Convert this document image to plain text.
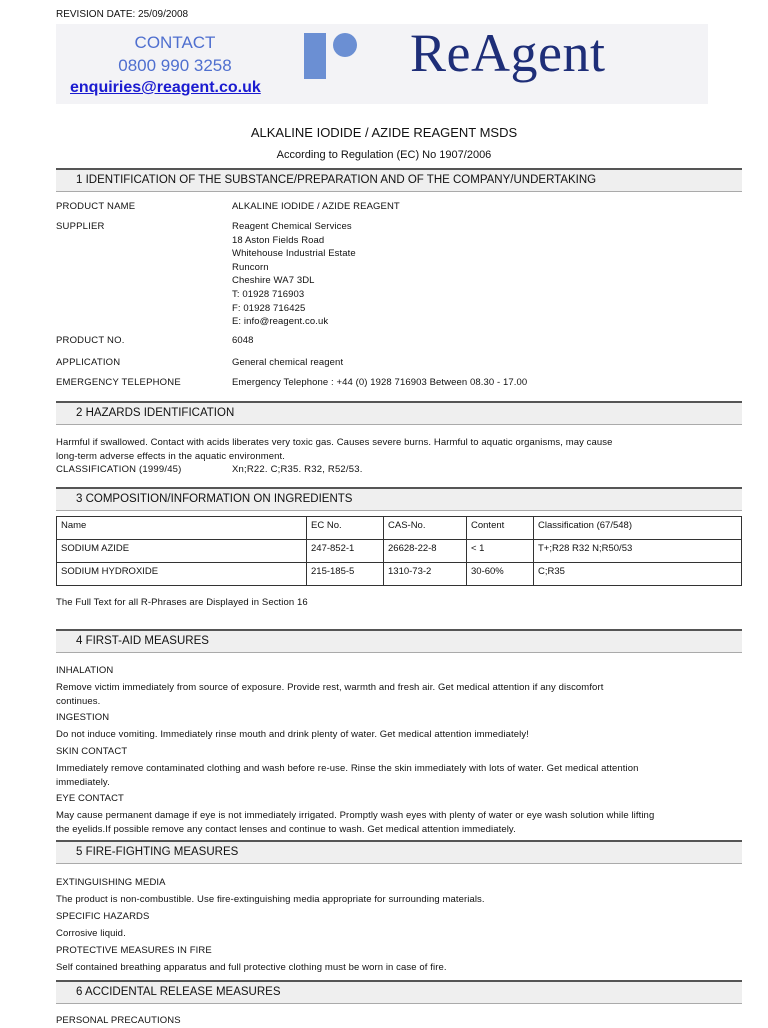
REVISION DATE: 25/09/2008
CONTACT
0800 990 3258
enquiries@reagent.co.uk
ReAgent
ALKALINE IODIDE / AZIDE REAGENT MSDS
According to Regulation (EC) No 1907/2006
1 IDENTIFICATION OF THE SUBSTANCE/PREPARATION AND OF THE COMPANY/UNDERTAKING
PRODUCT NAME	ALKALINE IODIDE / AZIDE REAGENT
SUPPLIER	Reagent Chemical Services
18 Aston Fields Road
Whitehouse Industrial Estate
Runcorn
Cheshire WA7 3DL
T: 01928 716903
F: 01928 716425
E: info@reagent.co.uk
PRODUCT NO.	6048
APPLICATION	General chemical reagent
EMERGENCY TELEPHONE	Emergency Telephone : +44 (0) 1928 716903 Between 08.30 - 17.00
2 HAZARDS IDENTIFICATION
Harmful if swallowed. Contact with acids liberates very toxic gas. Causes severe burns. Harmful to aquatic organisms, may cause
long-term adverse effects in the aquatic environment.
CLASSIFICATION (1999/45)	Xn;R22. C;R35. R32, R52/53.
3 COMPOSITION/INFORMATION ON INGREDIENTS
Name	EC No.	CAS-No.	Content	Classification (67/548)
SODIUM AZIDE	247-852-1	26628-22-8	< 1	T+;R28 R32 N;R50/53
SODIUM HYDROXIDE	215-185-5	1310-73-2	30-60%	C;R35
The Full Text for all R-Phrases are Displayed in Section 16
4 FIRST-AID MEASURES
INHALATION
Remove victim immediately from source of exposure. Provide rest, warmth and fresh air. Get medical attention if any discomfort
continues.
INGESTION
Do not induce vomiting. Immediately rinse mouth and drink plenty of water. Get medical attention immediately!
SKIN CONTACT
Immediately remove contaminated clothing and wash before re-use. Rinse the skin immediately with lots of water. Get medical attention
immediately.
EYE CONTACT
May cause permanent damage if eye is not immediately irrigated. Promptly wash eyes with plenty of water or eye wash solution while lifting
the eyelids.If possible remove any contact lenses and continue to wash. Get medical attention immediately.
5 FIRE-FIGHTING MEASURES
EXTINGUISHING MEDIA
The product is non-combustible. Use fire-extinguishing media appropriate for surrounding materials.
SPECIFIC HAZARDS
Corrosive liquid.
PROTECTIVE MEASURES IN FIRE
Self contained breathing apparatus and full protective clothing must be worn in case of fire.
6 ACCIDENTAL RELEASE MEASURES
PERSONAL PRECAUTIONS
